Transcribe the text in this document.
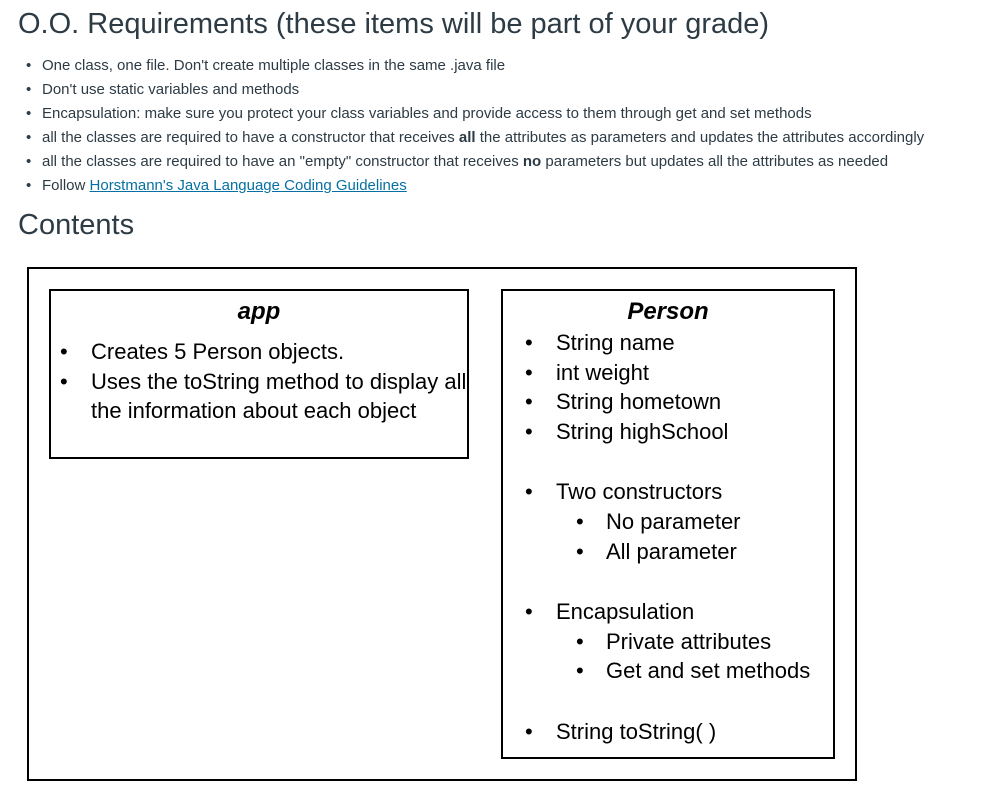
O.O. Requirements (these items will be part of your grade)
• One class, one file. Don't create multiple classes in the same .java file
• Don't use static variables and methods
• Encapsulation: make sure you protect your class variables and provide access to them through get and set methods
• all the classes are required to have a constructor that receives all the attributes as parameters and updates the attributes accordingly
• all the classes are required to have an "empty" constructor that receives no parameters but updates all the attributes as needed
• Follow Horstmann's Java Language Coding Guidelines
Contents
app
• Creates 5 Person objects.
• Uses the toString method to display all the information about each object
Person
• String name
• int weight
• String hometown
• String highSchool
• Two constructors
• No parameter
• All parameter
• Encapsulation
• Private attributes
• Get and set methods
• String toString( )
